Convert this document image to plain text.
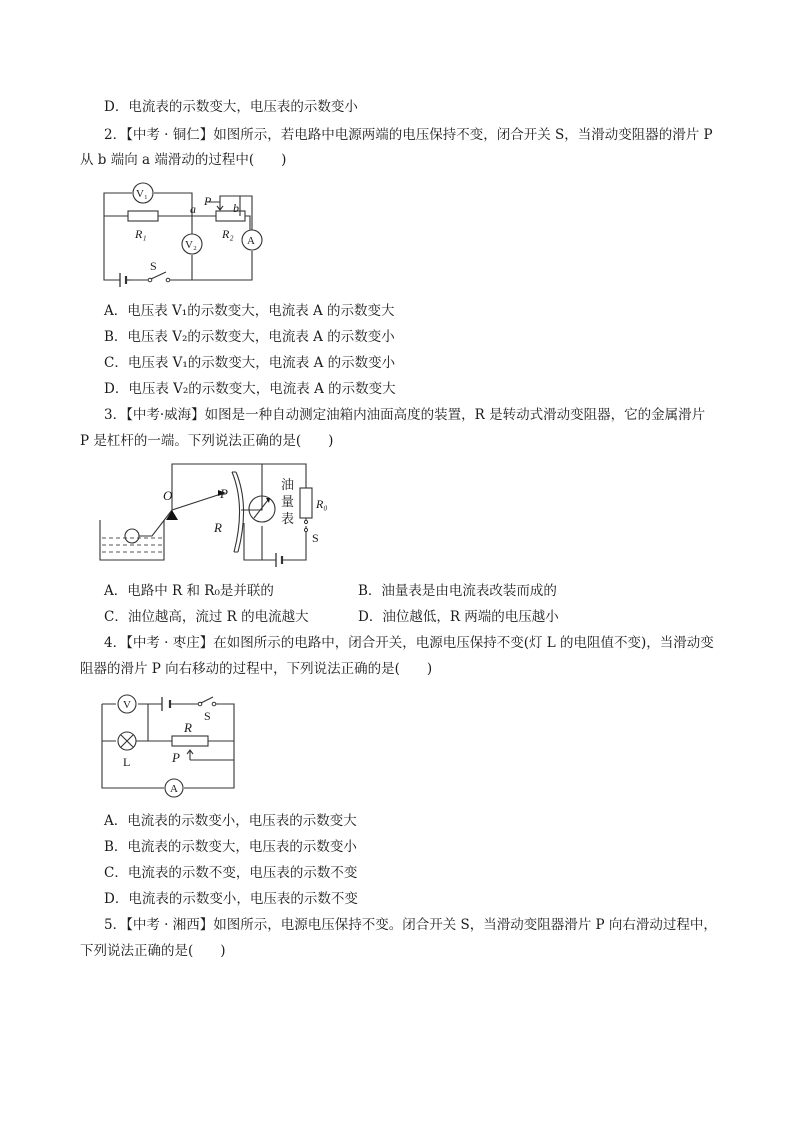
D．电流表的示数变大，电压表的示数变小
2．【中考 · 铜仁】如图所示，若电路中电源两端的电压保持不变，闭合开关 S，当滑动变阻器的滑片 P
从 b 端向 a 端滑动的过程中(　　)
V₁
V₂	A
R₁	R₂
P
a	b
S
A．电压表 V₁的示数变大，电流表 A 的示数变大
B．电压表 V₂的示数变大，电流表 A 的示数变小
C．电压表 V₁的示数变大，电流表 A 的示数变小
D．电压表 V₂的示数变大，电流表 A 的示数变大
3．【中考·威海】如图是一种自动测定油箱内油面高度的装置，R 是转动式滑动变阻器，它的金属滑片
P 是杠杆的一端。下列说法正确的是(　　)
O	P
R
R₀
S
油
量
表
A．电路中 R 和 R₀是并联的	B．油量表是由电流表改装而成的
C．油位越高，流过 R 的电流越大	D．油位越低，R 两端的电压越小
4．【中考 · 枣庄】在如图所示的电路中，闭合开关，电源电压保持不变(灯 L 的电阻值不变)，当滑动变
阻器的滑片 P 向右移动的过程中，下列说法正确的是(　　)
V
S
R
L	P
A
A．电流表的示数变小，电压表的示数变大
B．电流表的示数变大，电压表的示数变小
C．电流表的示数不变，电压表的示数不变
D．电流表的示数变小，电压表的示数不变
5．【中考 · 湘西】如图所示，电源电压保持不变。闭合开关 S，当滑动变阻器滑片 P 向右滑动过程中，
下列说法正确的是(　　)
